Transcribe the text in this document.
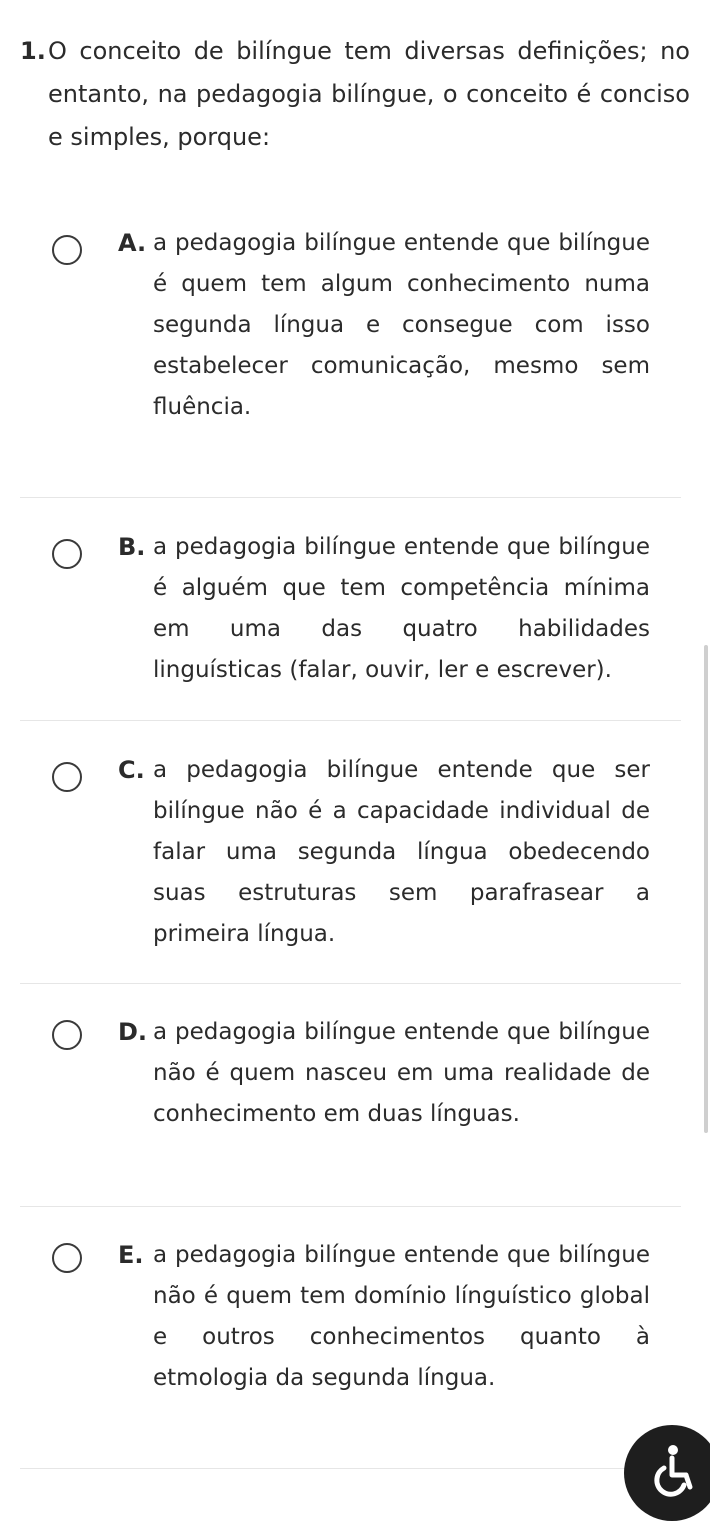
1. O conceito de bilíngue tem diversas definições; no entanto, na pedagogia bilíngue, o conceito é conciso e simples, porque:
A. a pedagogia bilíngue entende que bilíngue é quem tem algum conhecimento numa segunda língua e consegue com isso estabelecer comunicação, mesmo sem fluência.
B. a pedagogia bilíngue entende que bilíngue é alguém que tem competência mínima em uma das quatro habilidades linguísticas (falar, ouvir, ler e escrever).
C. a pedagogia bilíngue entende que ser bilíngue não é a capacidade individual de falar uma segunda língua obedecendo suas estruturas sem parafrasear a primeira língua.
D. a pedagogia bilíngue entende que bilíngue não é quem nasceu em uma realidade de conhecimento em duas línguas.
E. a pedagogia bilíngue entende que bilíngue não é quem tem domínio línguístico global e outros conhecimentos quanto à etmologia da segunda língua.
